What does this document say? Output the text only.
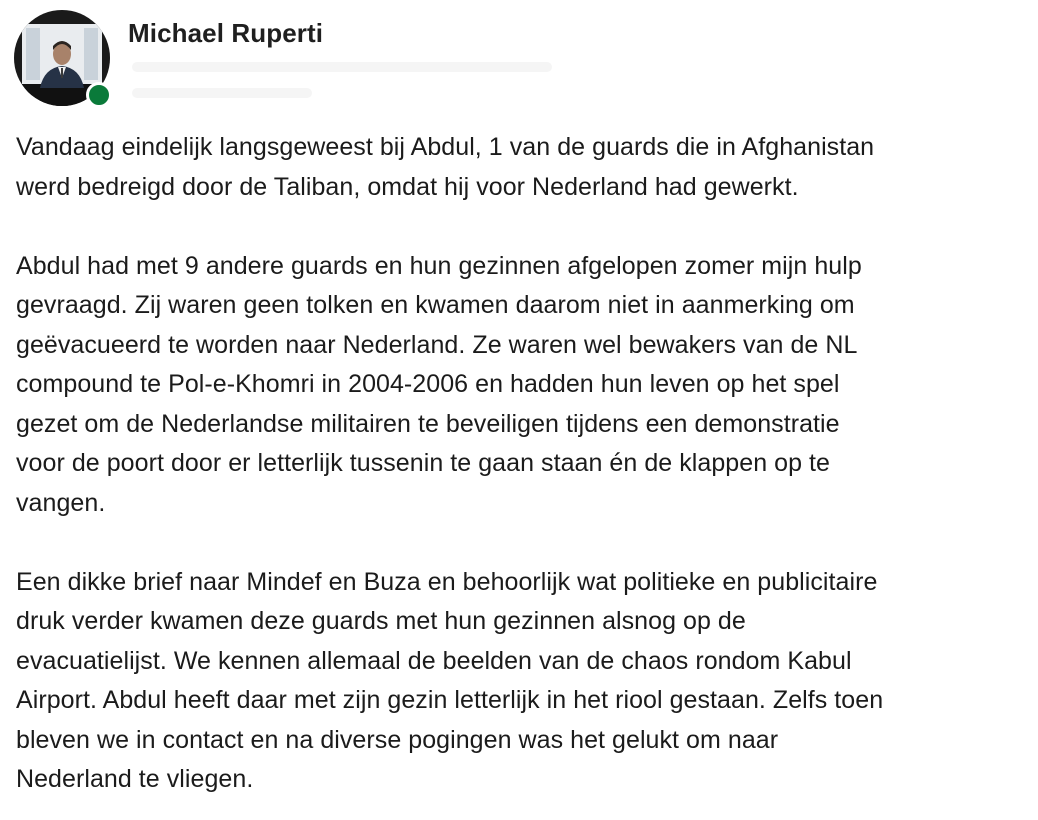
Michael Ruperti

Vandaag eindelijk langsgeweest bij Abdul, 1 van de guards die in Afghanistan
werd bedreigd door de Taliban, omdat hij voor Nederland had gewerkt.

Abdul had met 9 andere guards en hun gezinnen afgelopen zomer mijn hulp
gevraagd. Zij waren geen tolken en kwamen daarom niet in aanmerking om
geëvacueerd te worden naar Nederland. Ze waren wel bewakers van de NL
compound te Pol-e-Khomri in 2004-2006 en hadden hun leven op het spel
gezet om de Nederlandse militairen te beveiligen tijdens een demonstratie
voor de poort door er letterlijk tussenin te gaan staan én de klappen op te
vangen.

Een dikke brief naar Mindef en Buza en behoorlijk wat politieke en publicitaire
druk verder kwamen deze guards met hun gezinnen alsnog op de
evacuatielijst. We kennen allemaal de beelden van de chaos rondom Kabul
Airport. Abdul heeft daar met zijn gezin letterlijk in het riool gestaan. Zelfs toen
bleven we in contact en na diverse pogingen was het gelukt om naar
Nederland te vliegen.
